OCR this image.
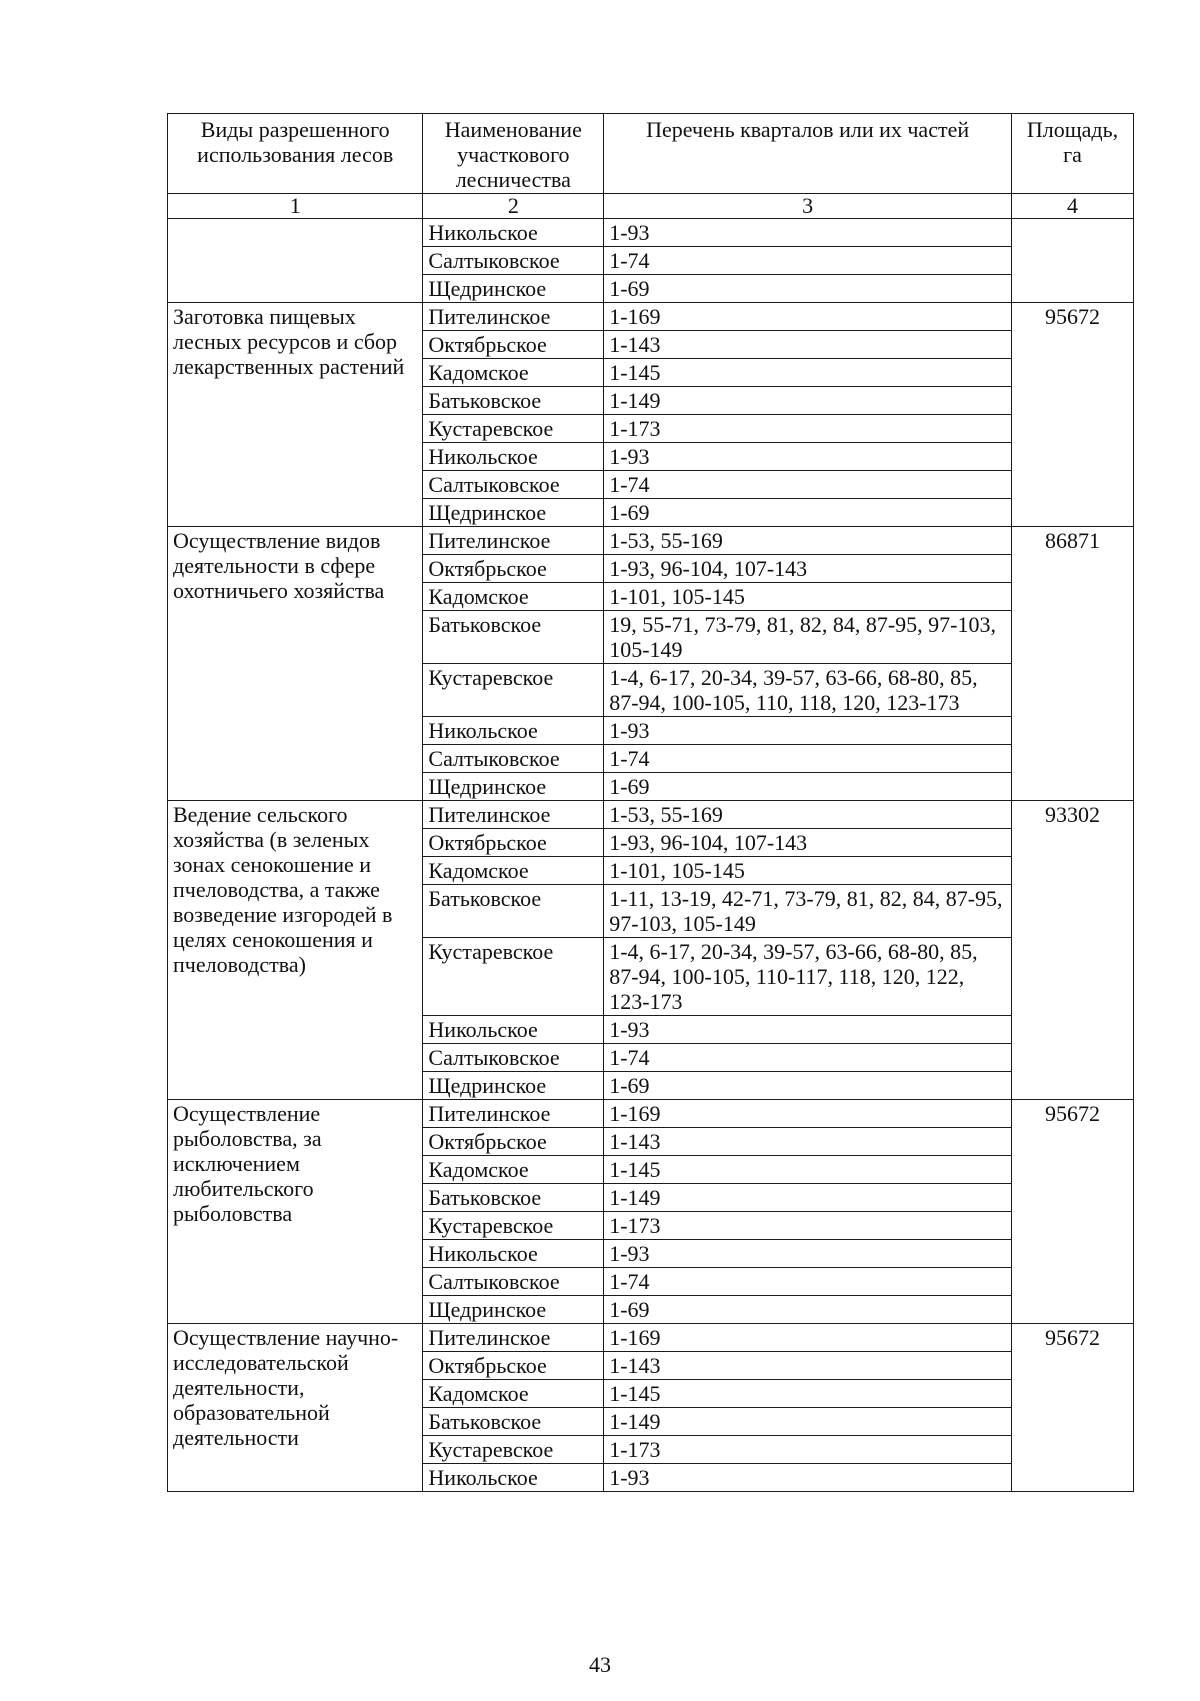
Виды разрешенного использования лесов	Наименование участкового лесничества	Перечень кварталов или их частей	Площадь, га
1	2	3	4
	Никольское	1-93	
	Салтыковское	1-74	
	Щедринское	1-69	
Заготовка пищевых лесных ресурсов и сбор лекарственных растений	Пителинское	1-169	95672
	Октябрьское	1-143	
	Кадомское	1-145	
	Батьковское	1-149	
	Кустаревское	1-173	
	Никольское	1-93	
	Салтыковское	1-74	
	Щедринское	1-69	
Осуществление видов деятельности в сфере охотничьего хозяйства	Пителинское	1-53, 55-169	86871
	Октябрьское	1-93, 96-104, 107-143	
	Кадомское	1-101, 105-145	
	Батьковское	19, 55-71, 73-79, 81, 82, 84, 87-95, 97-103, 105-149	
	Кустаревское	1-4, 6-17, 20-34, 39-57, 63-66, 68-80, 85, 87-94, 100-105, 110, 118, 120, 123-173	
	Никольское	1-93	
	Салтыковское	1-74	
	Щедринское	1-69	
Ведение сельского хозяйства (в зеленых зонах сенокошение и пчеловодства, а также возведение изгородей в целях сенокошения и пчеловодства)	Пителинское	1-53, 55-169	93302
	Октябрьское	1-93, 96-104, 107-143	
	Кадомское	1-101, 105-145	
	Батьковское	1-11, 13-19, 42-71, 73-79, 81, 82, 84, 87-95, 97-103, 105-149	
	Кустаревское	1-4, 6-17, 20-34, 39-57, 63-66, 68-80, 85, 87-94, 100-105, 110-117, 118, 120, 122, 123-173	
	Никольское	1-93	
	Салтыковское	1-74	
	Щедринское	1-69	
Осуществление рыболовства, за исключением любительского рыболовства	Пителинское	1-169	95672
	Октябрьское	1-143	
	Кадомское	1-145	
	Батьковское	1-149	
	Кустаревское	1-173	
	Никольское	1-93	
	Салтыковское	1-74	
	Щедринское	1-69	
Осуществление научно-исследовательской деятельности, образовательной деятельности	Пителинское	1-169	95672
	Октябрьское	1-143	
	Кадомское	1-145	
	Батьковское	1-149	
	Кустаревское	1-173	
	Никольское	1-93	
43
